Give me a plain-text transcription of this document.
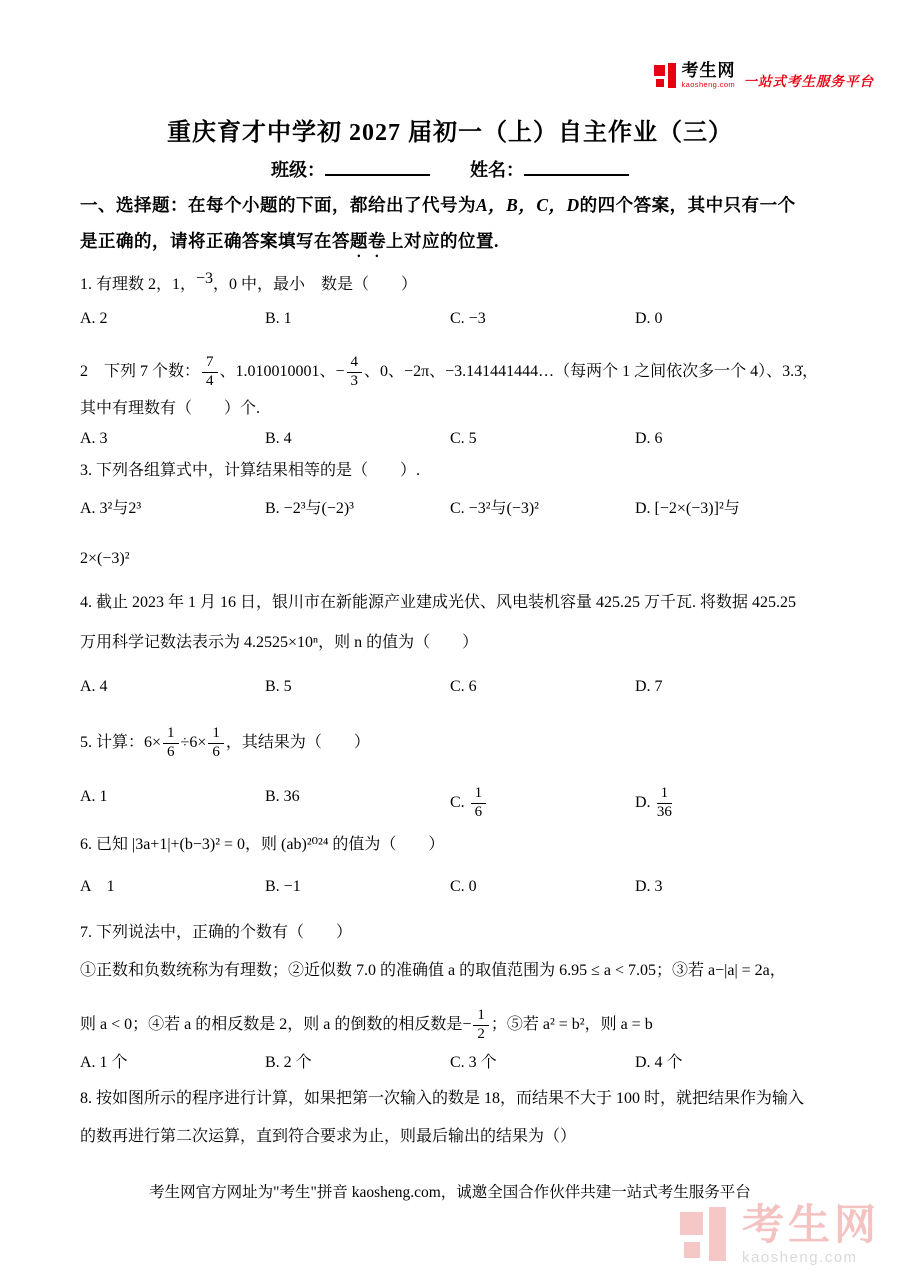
考生网
kaosheng.com 一站式考生服务平台
重庆育才中学初 2027 届初一（上）自主作业（三）
班级：	姓名：
一、选择题：在每个小题的下面，都给出了代号为A，B，C，D的四个答案，其中只有一个
是正确的，请将正确答案填写在答题卷上对应的位置.
1. 有理数 2，1，−3，0 中，最小　数是（　　）
A. 2	B. 1	C. −3	D. 0
2　下列 7 个数： $\frac{7}{4}$ 、1.010010001、− $\frac{4}{3}$ 、0、−2π、−3.141441444…（每两个 1 之间依次多一个 4）、3.3̇，
其中有理数有（　　）个.
A. 3	B. 4	C. 5	D. 6
3. 下列各组算式中，计算结果相等的是（　　）.
A. 3²与2³	B. −2³与(−2)³	C. −3²与(−3)²	D. [−2×(−3)]²与
2×(−3)²
4. 截止 2023 年 1 月 16 日，银川市在新能源产业建成光伏、风电装机容量 425.25 万千瓦. 将数据 425.25
万用科学记数法表示为 4.2525×10ⁿ，则 n 的值为（　　）
A. 4	B. 5	C. 6	D. 7
5. 计算：$6\times \frac{1}{6} \div 6\times \frac{1}{6}$ ，其结果为（　　）
A. 1	B. 36	C. $\frac{1}{6}$	D. $\frac{1}{36}$
6. 已知 |3a+1|+(b−3)² = 0，则 (ab)²⁰²⁴ 的值为（　　）
A　1	B. −1	C. 0	D. 3
7. 下列说法中，正确的个数有（　　）
①正数和负数统称为有理数；②近似数 7.0 的准确值 a 的取值范围为 6.95 ≤ a < 7.05；③若 a−|a| = 2a，
则 a < 0；④若 a 的相反数是 2，则 a 的倒数的相反数是− $\frac{1}{2}$ ；⑤若 a² = b²，则 a = b
A. 1 个	B. 2 个	C. 3 个	D. 4 个
8. 按如图所示的程序进行计算，如果把第一次输入的数是 18，而结果不大于 100 时，就把结果作为输入
的数再进行第二次运算，直到符合要求为止，则最后输出的结果为（）
考生网官方网址为"考生"拼音 kaosheng.com，诚邀全国合作伙伴共建一站式考生服务平台
考生网
kaosheng.com
